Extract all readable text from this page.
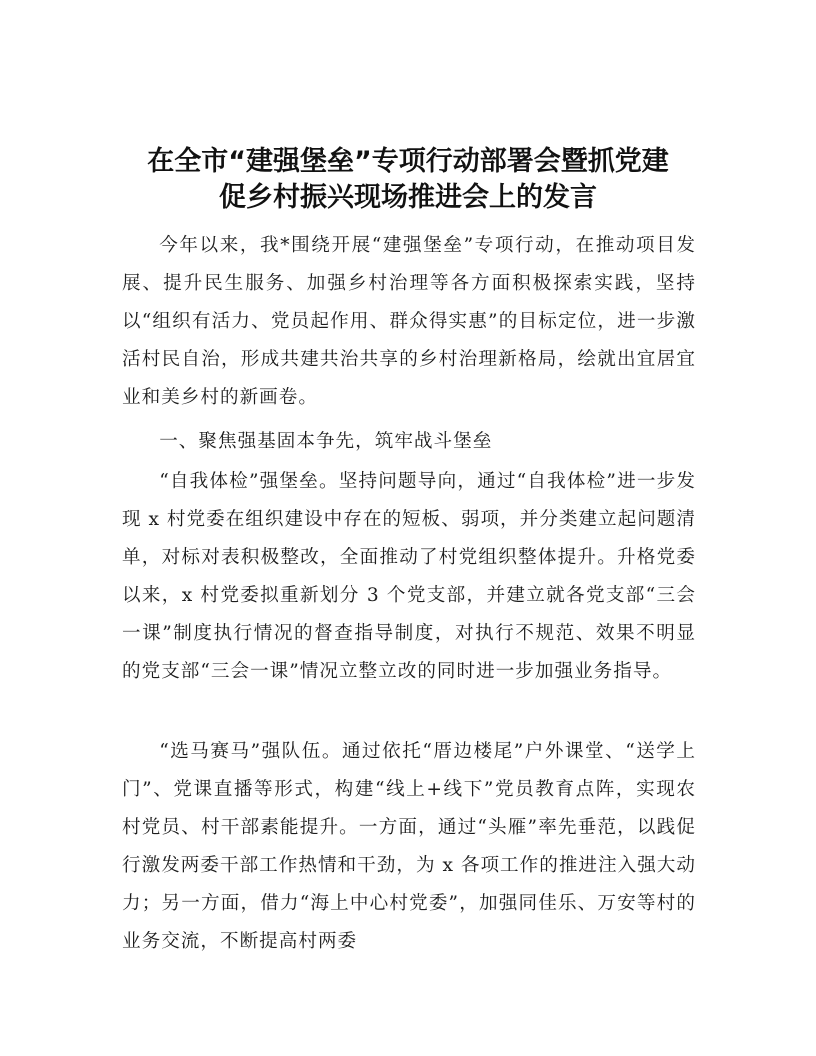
在全市“建强堡垒”专项行动部署会暨抓党建
促乡村振兴现场推进会上的发言

今年以来，我*围绕开展“建强堡垒”专项行动，在推动项目发展、提升民生服务、加强乡村治理等各方面积极探索实践，坚持以“组织有活力、党员起作用、群众得实惠”的目标定位，进一步激活村民自治，形成共建共治共享的乡村治理新格局，绘就出宜居宜业和美乡村的新画卷。

一、聚焦强基固本争先，筑牢战斗堡垒

“自我体检”强堡垒。坚持问题导向，通过“自我体检”进一步发现 x 村党委在组织建设中存在的短板、弱项，并分类建立起问题清单，对标对表积极整改，全面推动了村党组织整体提升。升格党委以来，x 村党委拟重新划分 3 个党支部，并建立就各党支部“三会一课”制度执行情况的督查指导制度，对执行不规范、效果不明显的党支部“三会一课”情况立整立改的同时进一步加强业务指导。

“选马赛马”强队伍。通过依托“厝边楼尾”户外课堂、“送学上门”、党课直播等形式，构建“线上+线下”党员教育点阵，实现农村党员、村干部素能提升。一方面，通过“头雁”率先垂范，以践促行激发两委干部工作热情和干劲，为 x 各项工作的推进注入强大动力；另一方面，借力“海上中心村党委”，加强同佳乐、万安等村的业务交流，不断提高村两委
